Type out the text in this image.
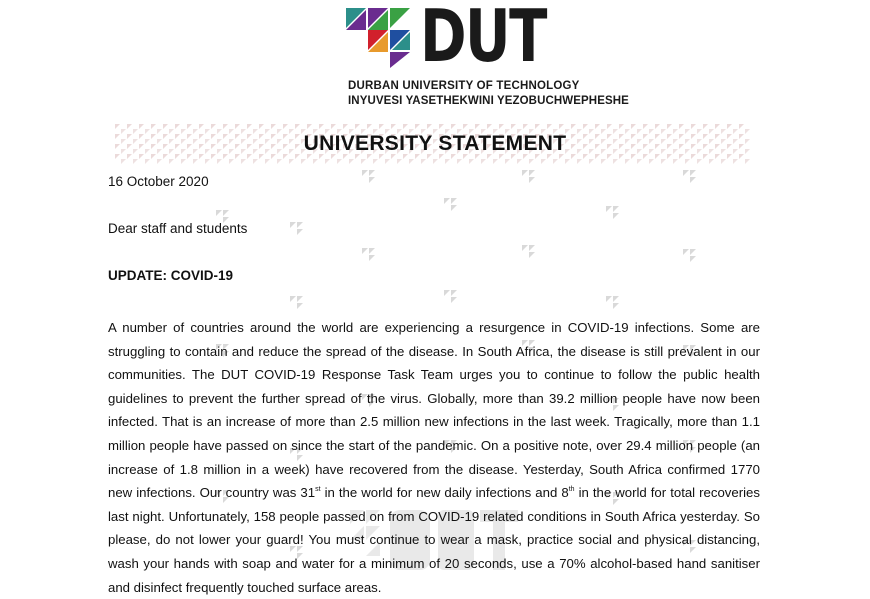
DUT
DURBAN UNIVERSITY OF TECHNOLOGY
INYUVESI YASETHEKWINI YEZOBUCHWEPHESHE
UNIVERSITY STATEMENT
16 October 2020
Dear staff and students
UPDATE: COVID-19
A number of countries around the world are experiencing a resurgence in COVID-19 infections. Some are struggling to contain and reduce the spread of the disease. In South Africa, the disease is still prevalent in our communities. The DUT COVID-19 Response Task Team urges you to continue to follow the public health guidelines to prevent the further spread of the virus. Globally, more than 39.2 million people have now been infected. That is an increase of more than 2.5 million new infections in the last week. Tragically, more than 1.1 million people have passed on since the start of the pandemic. On a positive note, over 29.4 million people (an increase of 1.8 million in a week) have recovered from the disease. Yesterday, South Africa confirmed 1770 new infections. Our country was 31st in the world for new daily infections and 8th in the world for total recoveries last night. Unfortunately, 158 people passed on from COVID-19 related conditions in South Africa yesterday. So please, do not lower your guard! You must continue to wear a mask, practice social and physical distancing, wash your hands with soap and water for a minimum of 20 seconds, use a 70% alcohol-based hand sanitiser and disinfect frequently touched surface areas.
